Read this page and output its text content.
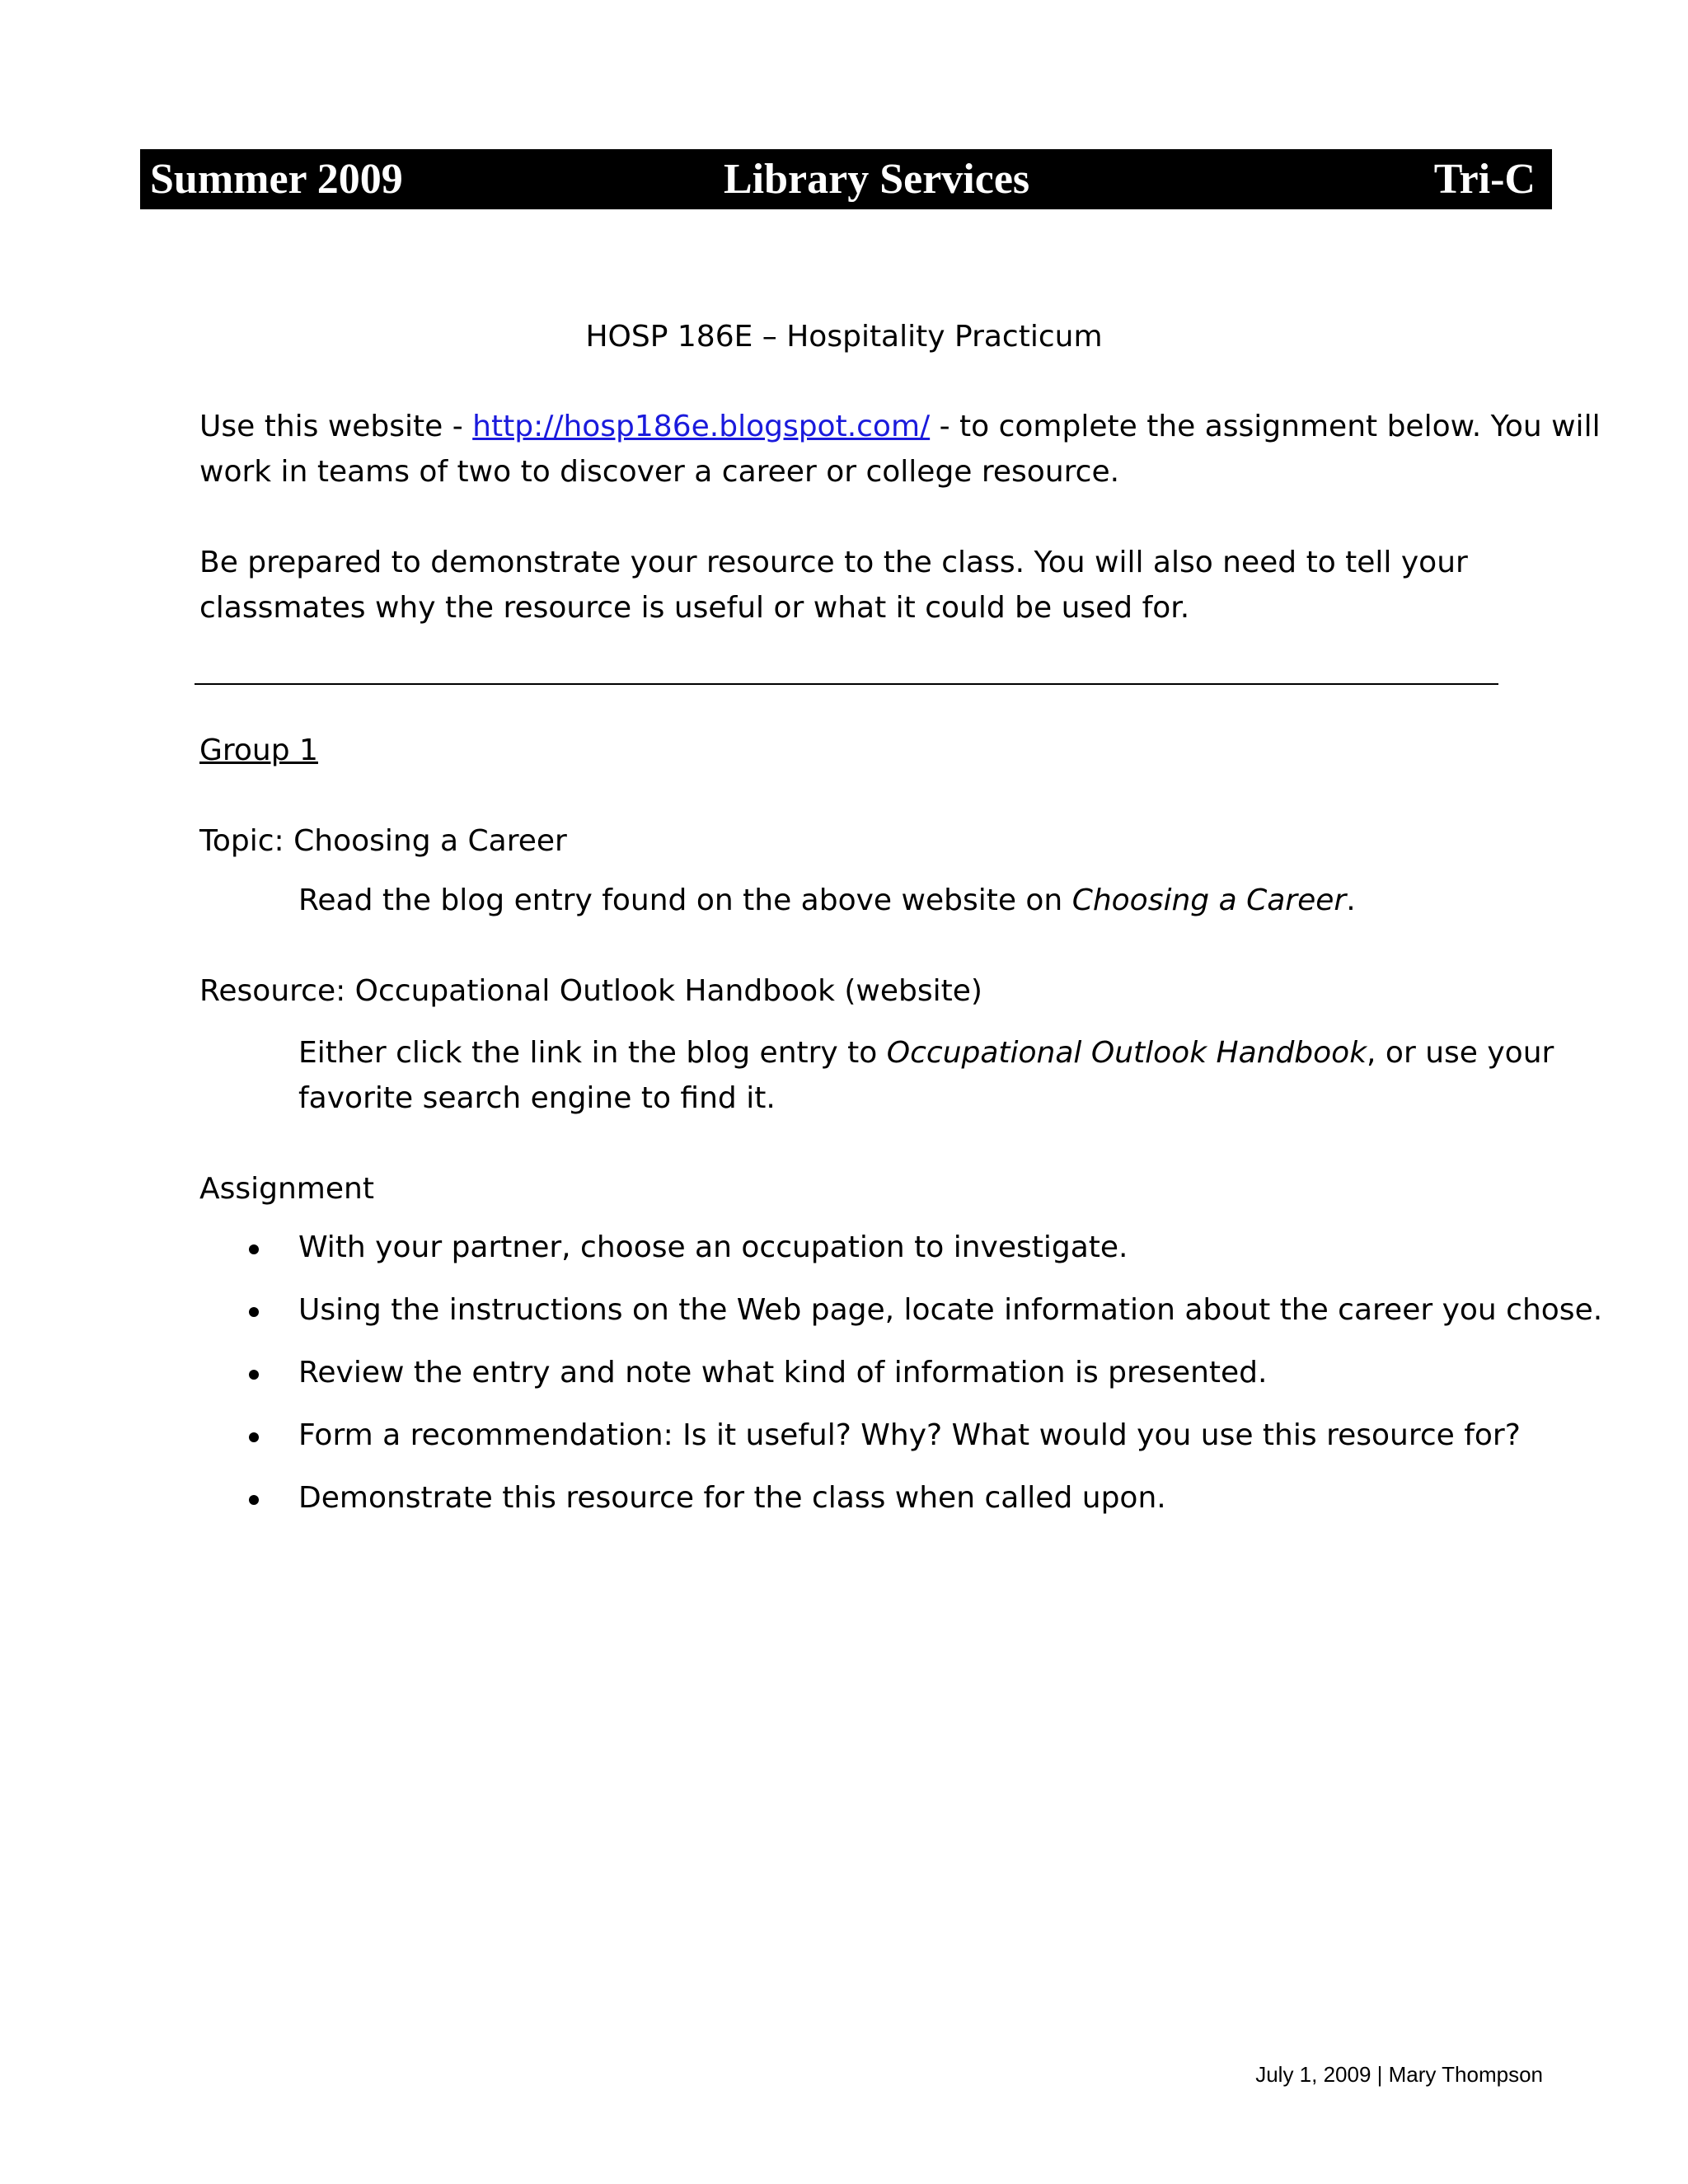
Summer 2009	Library Services	Tri-C
HOSP 186E – Hospitality Practicum
Use this website - http://hosp186e.blogspot.com/ - to complete the assignment below. You will
work in teams of two to discover a career or college resource.
Be prepared to demonstrate your resource to the class. You will also need to tell your
classmates why the resource is useful or what it could be used for.
Group 1
Topic: Choosing a Career
Read the blog entry found on the above website on Choosing a Career.
Resource: Occupational Outlook Handbook (website)
Either click the link in the blog entry to Occupational Outlook Handbook, or use your
favorite search engine to find it.
Assignment
With your partner, choose an occupation to investigate.
Using the instructions on the Web page, locate information about the career you chose.
Review the entry and note what kind of information is presented.
Form a recommendation: Is it useful? Why? What would you use this resource for?
Demonstrate this resource for the class when called upon.
July 1, 2009 | Mary Thompson
